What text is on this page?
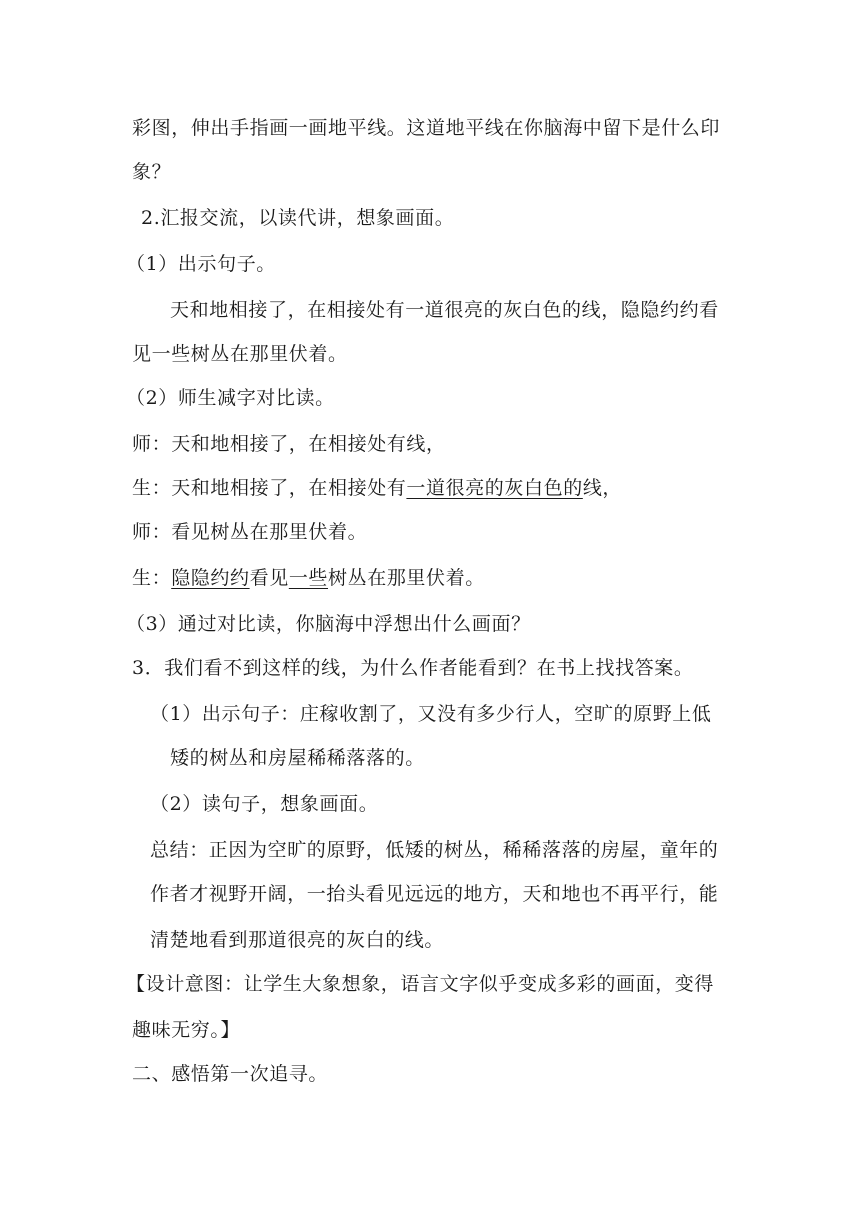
彩图，伸出手指画一画地平线。这道地平线在你脑海中留下是什么印
象？
2.汇报交流，以读代讲，想象画面。
（1）出示句子。
天和地相接了，在相接处有一道很亮的灰白色的线，隐隐约约看
见一些树丛在那里伏着。
（2）师生减字对比读。
师：天和地相接了，在相接处有线，
生：天和地相接了，在相接处有一道很亮的灰白色的线，
师：看见树丛在那里伏着。
生：隐隐约约看见一些树丛在那里伏着。
（3）通过对比读，你脑海中浮想出什么画面？
3．我们看不到这样的线，为什么作者能看到？在书上找找答案。
（1）出示句子：庄稼收割了，又没有多少行人，空旷的原野上低
矮的树丛和房屋稀稀落落的。
（2）读句子，想象画面。
总结：正因为空旷的原野，低矮的树丛，稀稀落落的房屋，童年的
作者才视野开阔，一抬头看见远远的地方，天和地也不再平行，能
清楚地看到那道很亮的灰白的线。
【设计意图：让学生大象想象，语言文字似乎变成多彩的画面，变得
趣味无穷。】
二、感悟第一次追寻。
